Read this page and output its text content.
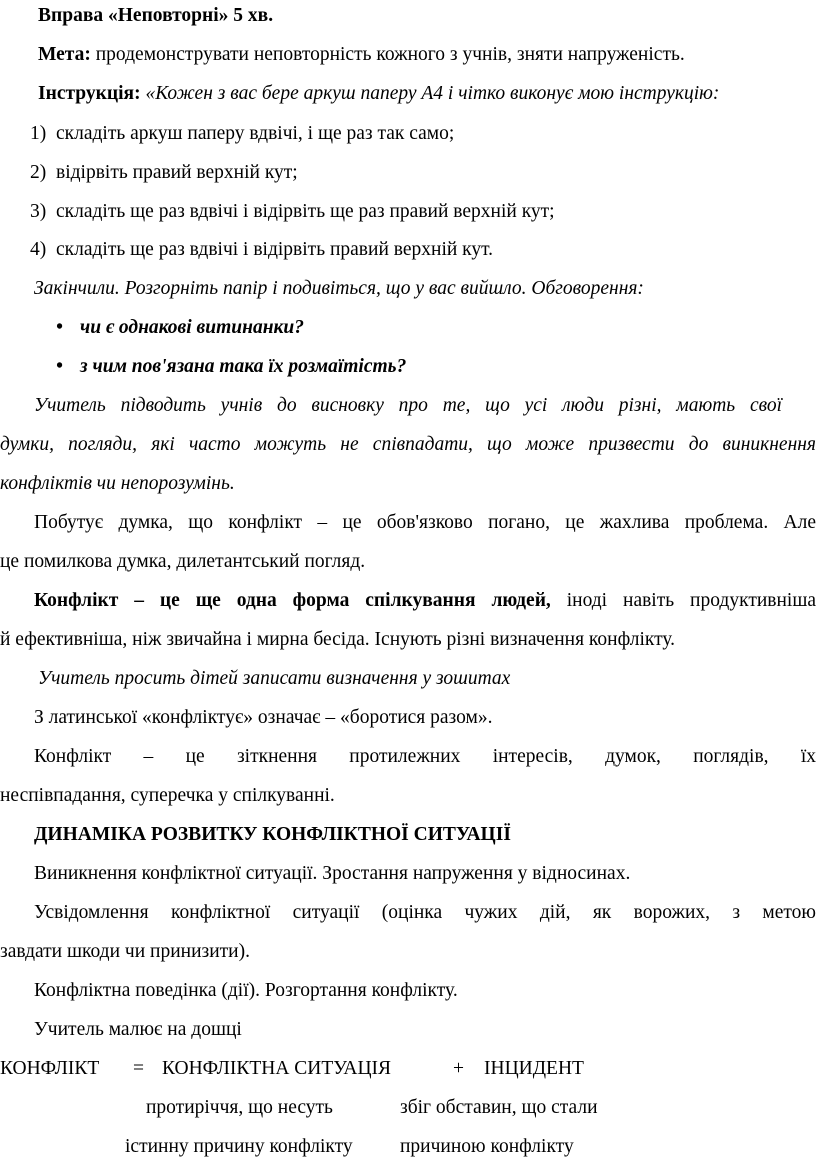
Вправа «Неповторні» 5 хв.
Мета: продемонструвати неповторність кожного з учнів, зняти напруженість.
Інструкція: «Кожен з вас бере аркуш паперу А4 і чітко виконує мою інструкцію:
1) складіть аркуш паперу вдвічі, і ще раз так само;
2) відірвіть правий верхній кут;
3) складіть ще раз вдвічі і відірвіть ще раз правий верхній кут;
4) складіть ще раз вдвічі і відірвіть правий верхній кут.
Закінчили. Розгорніть папір і подивіться, що у вас вийшло. Обговорення:
• чи є однакові витинанки?
• з чим пов'язана така їх розмаїтість?
Учитель підводить учнів до висновку про те, що усі люди різні, мають свої
думки, погляди, які часто можуть не співпадати, що може призвести до виникнення
конфліктів чи непорозумінь.
Побутує думка, що конфлікт – це обов'язково погано, це жахлива проблема. Але
це помилкова думка, дилетантський погляд.
Конфлікт – це ще одна форма спілкування людей, іноді навіть продуктивніша
й ефективніша, ніж звичайна і мирна бесіда. Існують різні визначення конфлікту.
Учитель просить дітей записати визначення у зошитах
З латинської «конфліктує» означає – «боротися разом».
Конфлікт – це зіткнення протилежних інтересів, думок, поглядів, їх
неспівпадання, суперечка у спілкуванні.
ДИНАМІКА РОЗВИТКУ КОНФЛІКТНОЇ СИТУАЦІЇ
Виникнення конфліктної ситуації. Зростання напруження у відносинах.
Усвідомлення конфліктної ситуації (оцінка чужих дій, як ворожих, з метою
завдати шкоди чи принизити).
Конфліктна поведінка (дії). Розгортання конфлікту.
Учитель малює на дошці
КОНФЛІКТ = КОНФЛІКТНА СИТУАЦІЯ	+ ІНЦИДЕНТ
протиріччя, що несуть	збіг обставин, що стали
істинну причину конфлікту причиною конфлікту
